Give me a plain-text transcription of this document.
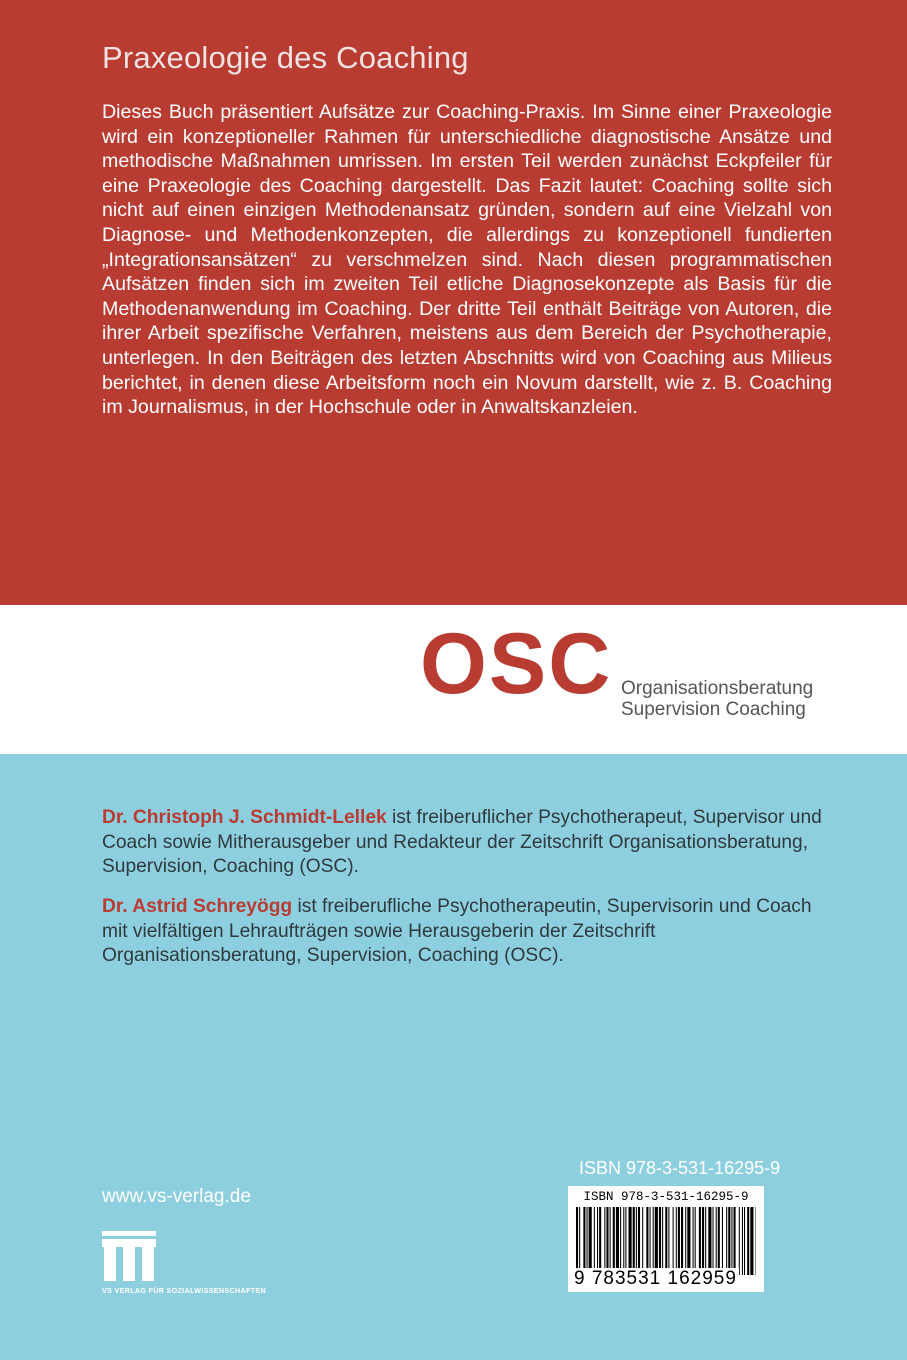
Praxeologie des Coaching

Dieses Buch präsentiert Aufsätze zur Coaching-Praxis. Im Sinne einer Praxeologie wird ein konzeptioneller Rahmen für unterschiedliche diagnostische Ansätze und methodische Maßnahmen umrissen. Im ersten Teil werden zunächst Eckpfeiler für eine Praxeologie des Coaching dargestellt. Das Fazit lautet: Coaching sollte sich nicht auf einen einzigen Methodenansatz gründen, sondern auf eine Vielzahl von Diagnose- und Methodenkonzepten, die allerdings zu konzeptionell fundierten „Integrationsansätzen“ zu verschmelzen sind. Nach diesen programmatischen Aufsätzen finden sich im zweiten Teil etliche Diagnosekonzepte als Basis für die Methodenanwendung im Coaching. Der dritte Teil enthält Beiträge von Autoren, die ihrer Arbeit spezifische Verfahren, meistens aus dem Bereich der Psychotherapie, unterlegen. In den Beiträgen des letzten Abschnitts wird von Coaching aus Milieus berichtet, in denen diese Arbeitsform noch ein Novum darstellt, wie z. B. Coaching im Journalismus, in der Hochschule oder in Anwaltskanzleien.

OSC Organisationsberatung
Supervision Coaching

Dr. Christoph J. Schmidt-Lellek ist freiberuflicher Psychotherapeut, Supervisor und Coach sowie Mitherausgeber und Redakteur der Zeitschrift Organisationsberatung, Supervision, Coaching (OSC).

Dr. Astrid Schreyögg ist freiberufliche Psychotherapeutin, Supervisorin und Coach mit vielfältigen Lehraufträgen sowie Herausgeberin der Zeitschrift Organisationsberatung, Supervision, Coaching (OSC).

ISBN 978-3-531-16295-9
www.vs-verlag.de
VS VERLAG FÜR SOZIALWISSENSCHAFTEN
ISBN 978-3-531-16295-9
9 783531 162959
